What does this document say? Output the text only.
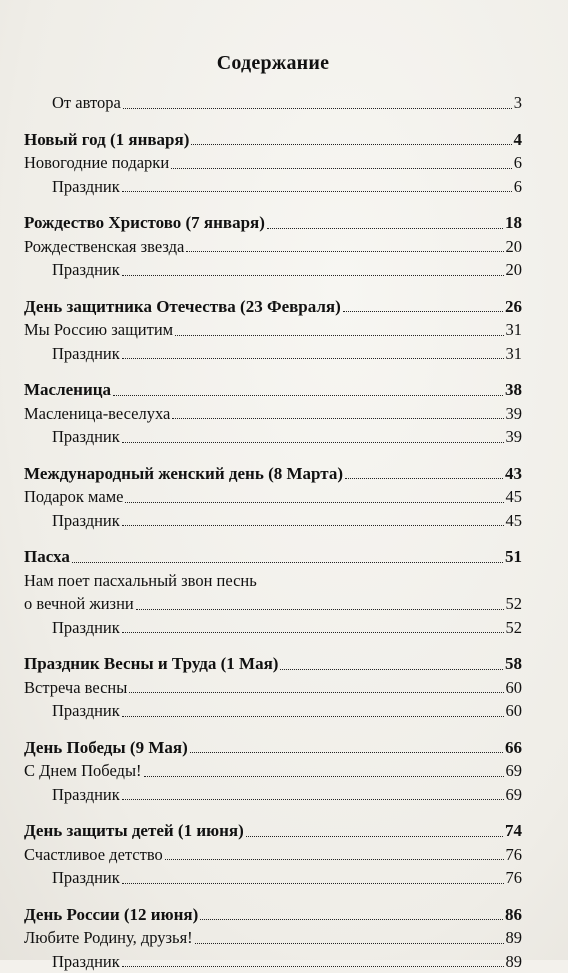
Содержание
От автора	3
Новый год (1 января)	4
Новогодние подарки	6
Праздник	6
Рождество Христово (7 января)	18
Рождественская звезда	20
Праздник	20
День защитника Отечества (23 Февраля)	26
Мы Россию защитим	31
Праздник	31
Масленица	38
Масленица-веселуха	39
Праздник	39
Международный женский день (8 Марта)	43
Подарок маме	45
Праздник	45
Пасха	51
Нам поет пасхальный звон песнь
о вечной жизни	52
Праздник	52
Праздник Весны и Труда (1 Мая)	58
Встреча весны	60
Праздник	60
День Победы (9 Мая)	66
С Днем Победы!	69
Праздник	69
День защиты детей (1 июня)	74
Счастливое детство	76
Праздник	76
День России (12 июня)	86
Любите Родину, друзья!	89
Праздник	89
